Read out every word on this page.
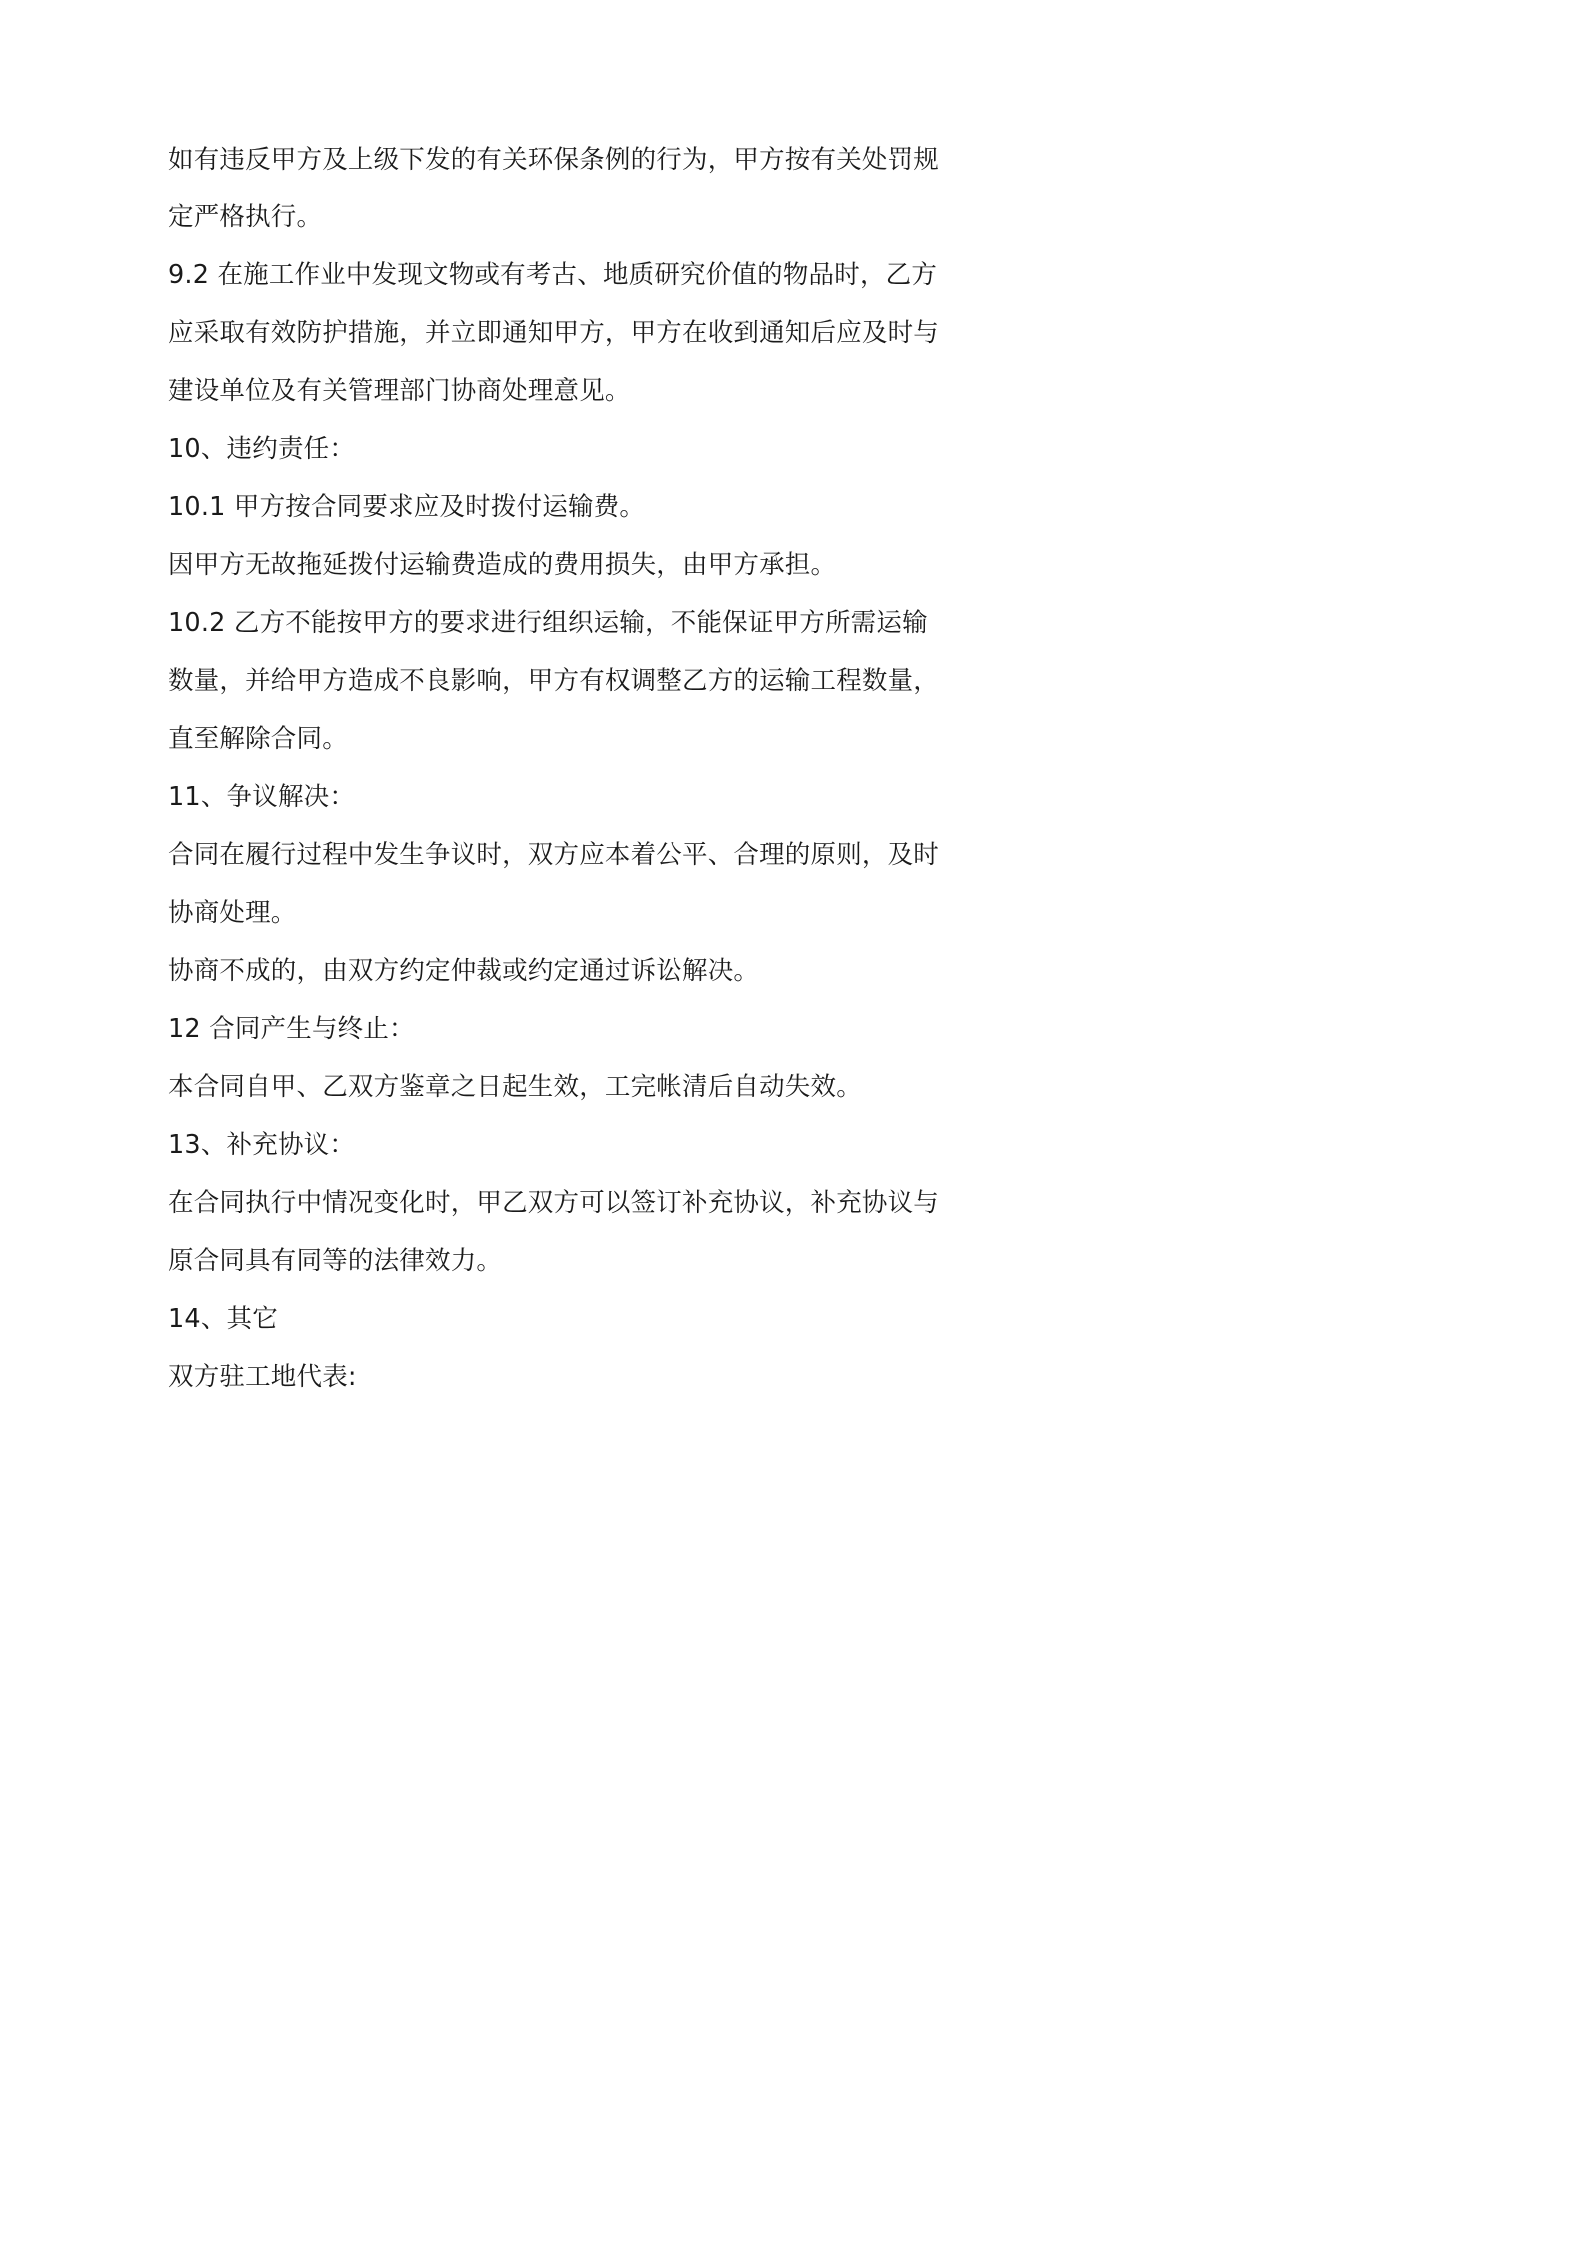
如有违反甲方及上级下发的有关环保条例的行为，甲方按有关处罚规

定严格执行。

9.2 在施工作业中发现文物或有考古、地质研究价值的物品时，乙方

应采取有效防护措施，并立即通知甲方，甲方在收到通知后应及时与

建设单位及有关管理部门协商处理意见。

10、违约责任：

10.1 甲方按合同要求应及时拨付运输费。

因甲方无故拖延拨付运输费造成的费用损失，由甲方承担。

10.2 乙方不能按甲方的要求进行组织运输，不能保证甲方所需运输

数量，并给甲方造成不良影响，甲方有权调整乙方的运输工程数量，

直至解除合同。

11、争议解决：

合同在履行过程中发生争议时，双方应本着公平、合理的原则，及时

协商处理。

协商不成的，由双方约定仲裁或约定通过诉讼解决。

12 合同产生与终止：

本合同自甲、乙双方鉴章之日起生效，工完帐清后自动失效。

13、补充协议：

在合同执行中情况变化时，甲乙双方可以签订补充协议，补充协议与

原合同具有同等的法律效力。

14、其它

双方驻工地代表:
